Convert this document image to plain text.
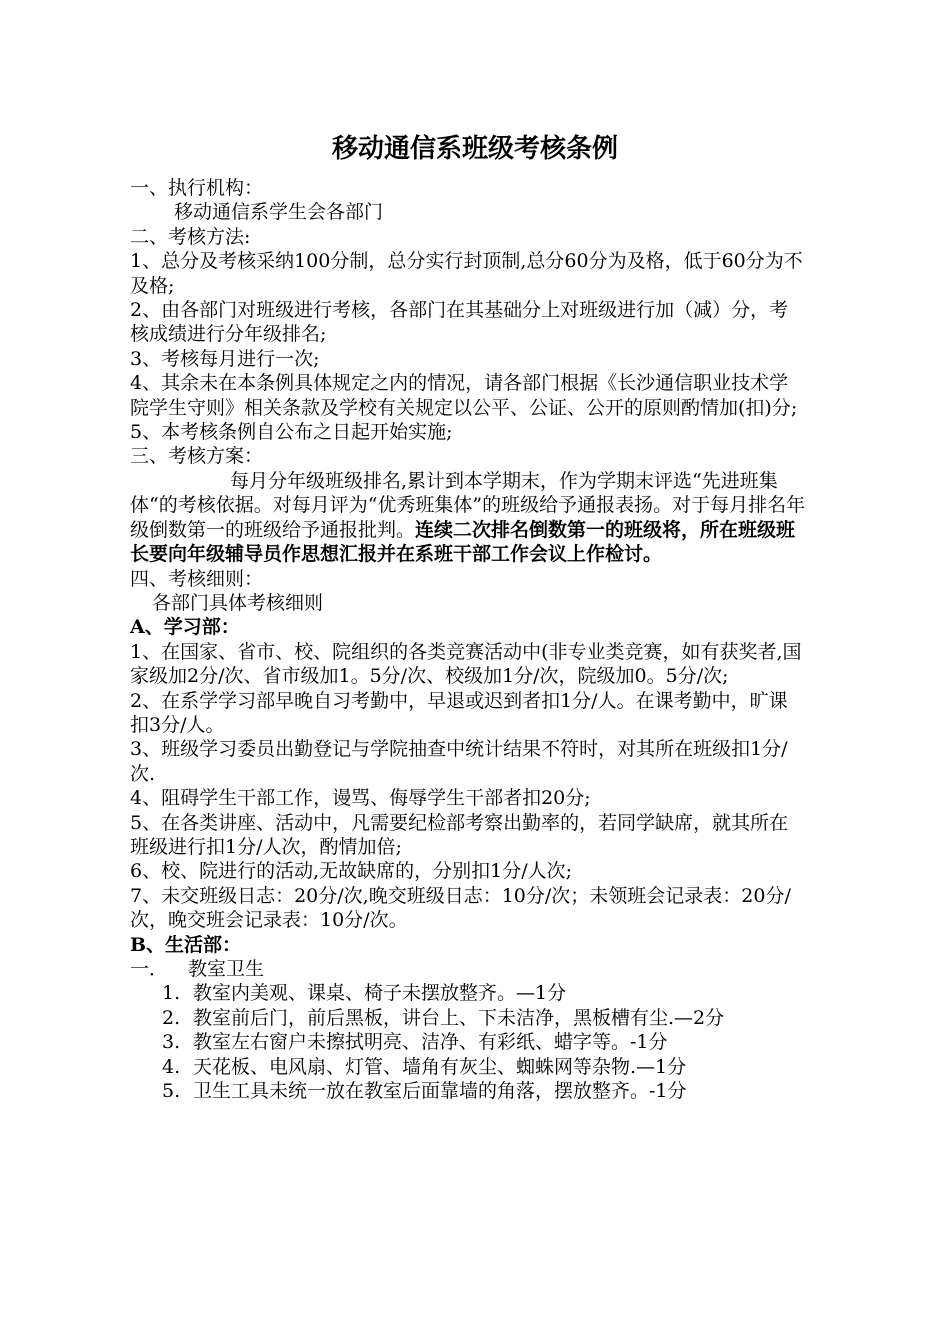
移动通信系班级考核条例

一、执行机构：

移动通信系学生会各部门

二、考核方法:

1、总分及考核采纳100分制，总分实行封顶制,总分60分为及格，低于60分为不及格;

2、由各部门对班级进行考核，各部门在其基础分上对班级进行加（减）分，考核成绩进行分年级排名;

3、考核每月进行一次;

4、其余未在本条例具体规定之内的情况，请各部门根据《长沙通信职业技术学院学生守则》相关条款及学校有关规定以公平、公证、公开的原则酌情加(扣)分;

5、本考核条例自公布之日起开始实施;

三、考核方案：

每月分年级班级排名,累计到本学期末，作为学期末评选“先进班集体“的考核依据。对每月评为“优秀班集体”的班级给予通报表扬。对于每月排名年级倒数第一的班级给予通报批判。连续二次排名倒数第一的班级将，所在班级班长要向年级辅导员作思想汇报并在系班干部工作会议上作检讨。

四、考核细则：

各部门具体考核细则

A、学习部：

1、在国家、省市、校、院组织的各类竞赛活动中(非专业类竞赛，如有获奖者,国家级加2分/次、省市级加1。5分/次、校级加1分/次，院级加0。5分/次;

2、在系学学习部早晚自习考勤中，早退或迟到者扣1分/人。在课考勤中，旷课扣3分/人。

3、班级学习委员出勤登记与学院抽查中统计结果不符时，对其所在班级扣1分/次.

4、阻碍学生干部工作，谩骂、侮辱学生干部者扣20分;

5、在各类讲座、活动中，凡需要纪检部考察出勤率的，若同学缺席，就其所在班级进行扣1分/人次，酌情加倍;

6、校、院进行的活动,无故缺席的，分别扣1分/人次;

7、未交班级日志：20分/次,晚交班级日志：10分/次；未领班会记录表：20分/次，晚交班会记录表：10分/次。

B、生活部：

一． 教室卫生

1. 教室内美观、课桌、椅子未摆放整齐。—1分
2. 教室前后门，前后黑板，讲台上、下未洁净，黑板槽有尘.—2分
3. 教室左右窗户未擦拭明亮、洁净、有彩纸、蜡字等。-1分
4. 天花板、电风扇、灯管、墙角有灰尘、蜘蛛网等杂物.—1分
5. 卫生工具未统一放在教室后面靠墙的角落，摆放整齐。-1分
